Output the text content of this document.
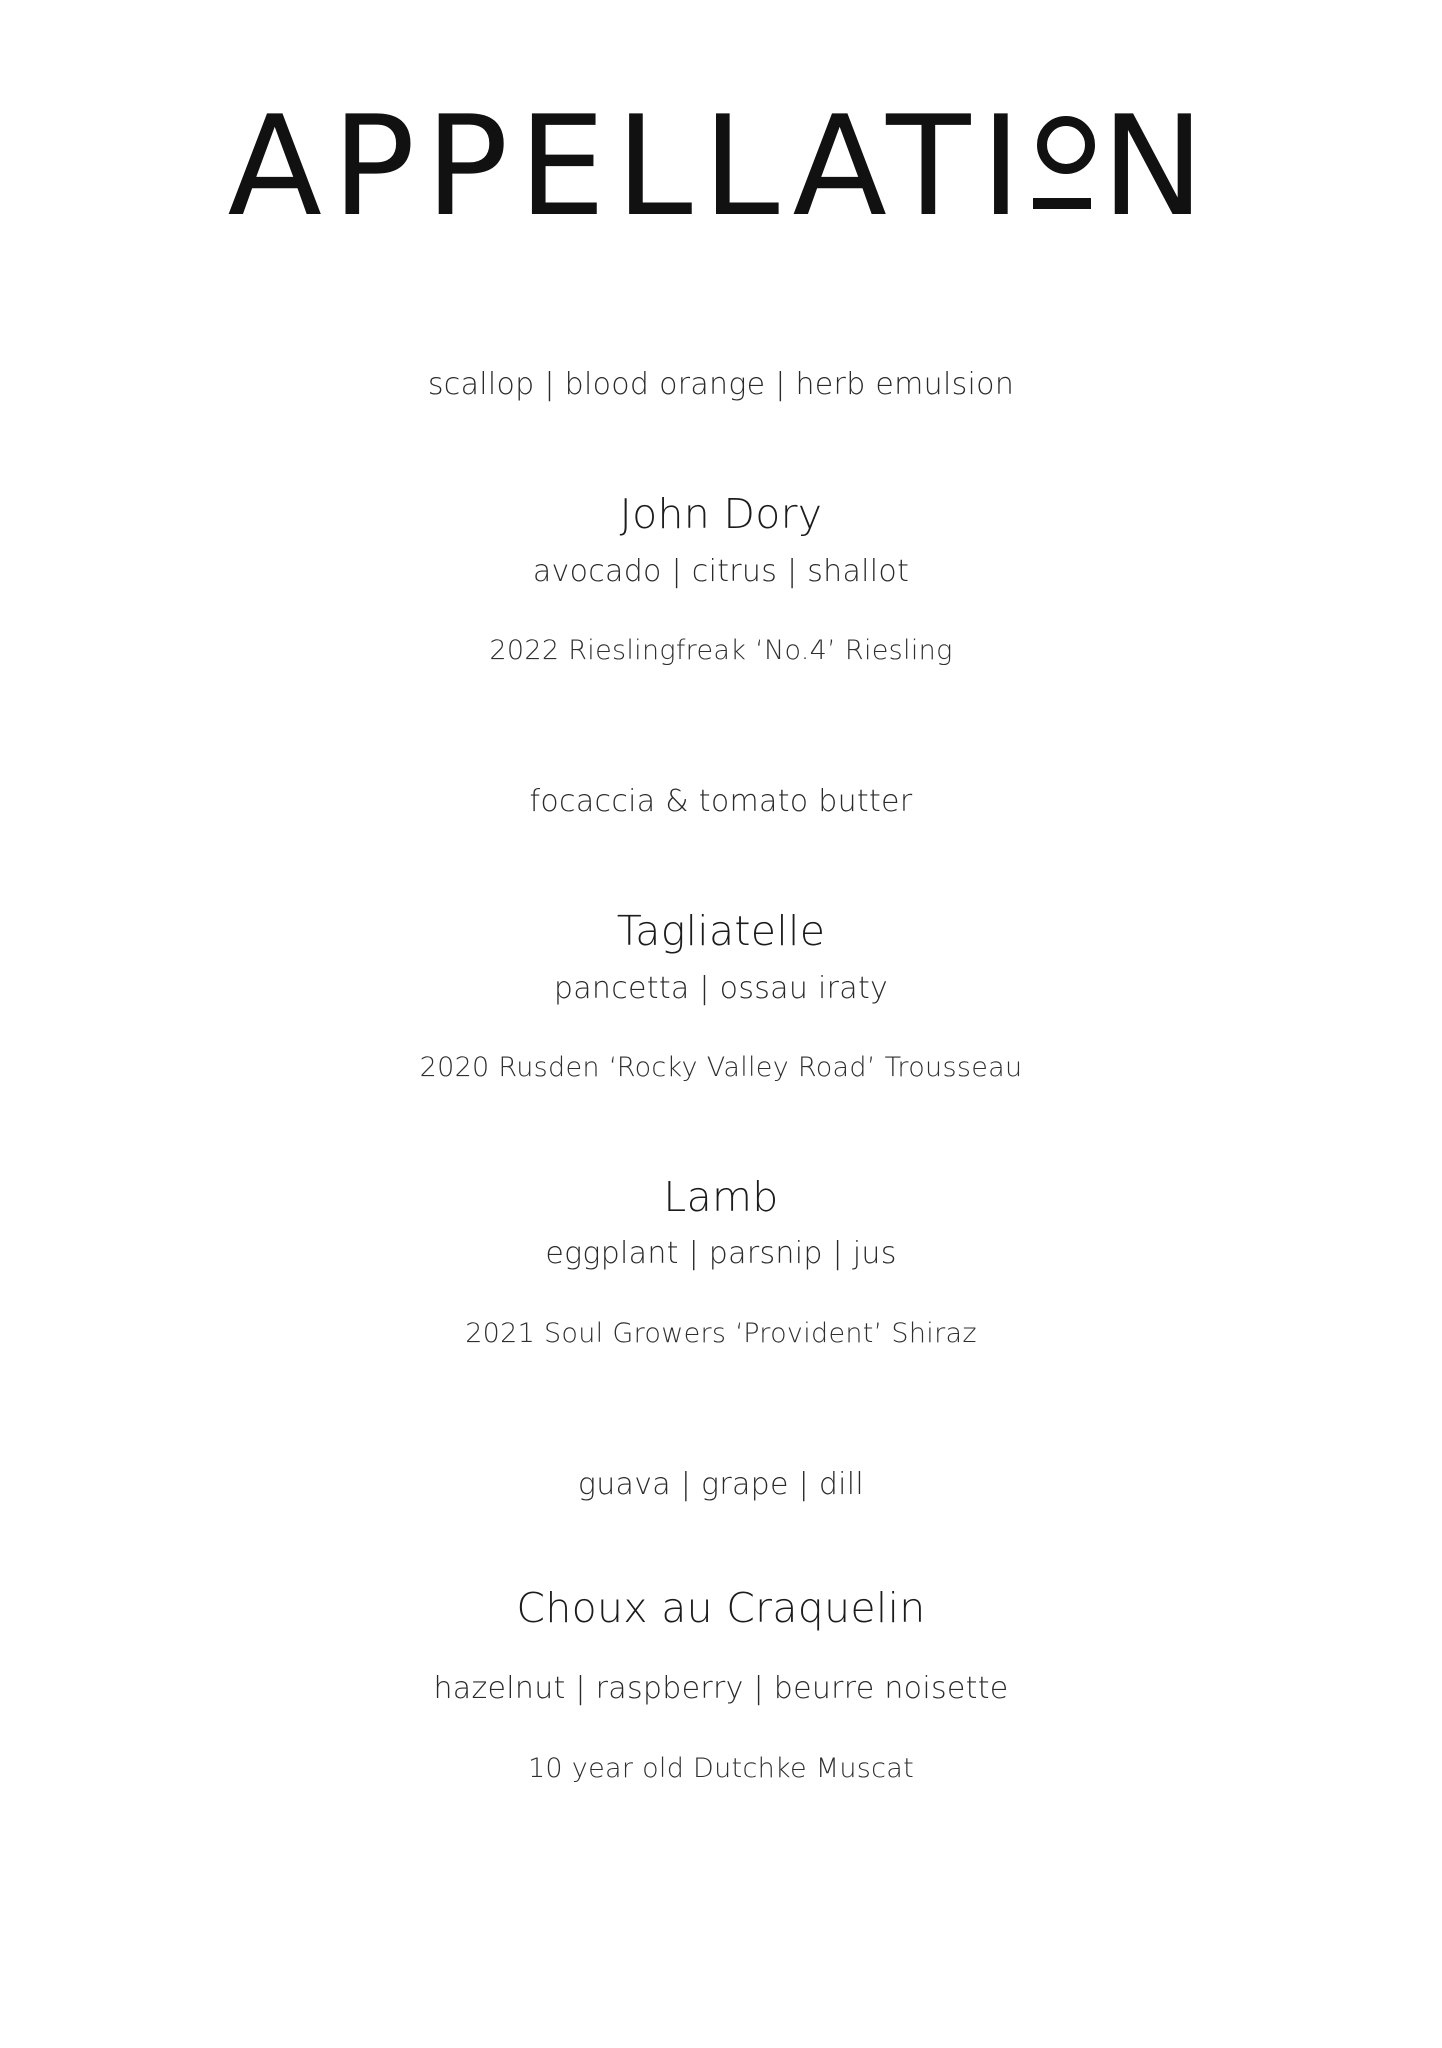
APPELLATI N
scallop | blood orange | herb emulsion
John Dory
avocado | citrus | shallot
2022 Rieslingfreak ‘No.4’ Riesling
focaccia & tomato butter
Tagliatelle
pancetta | ossau iraty
2020 Rusden ‘Rocky Valley Road’ Trousseau
Lamb
eggplant | parsnip | jus
2021 Soul Growers ‘Provident’ Shiraz
guava | grape | dill
Choux au Craquelin
hazelnut | raspberry | beurre noisette
10 year old Dutchke Muscat
